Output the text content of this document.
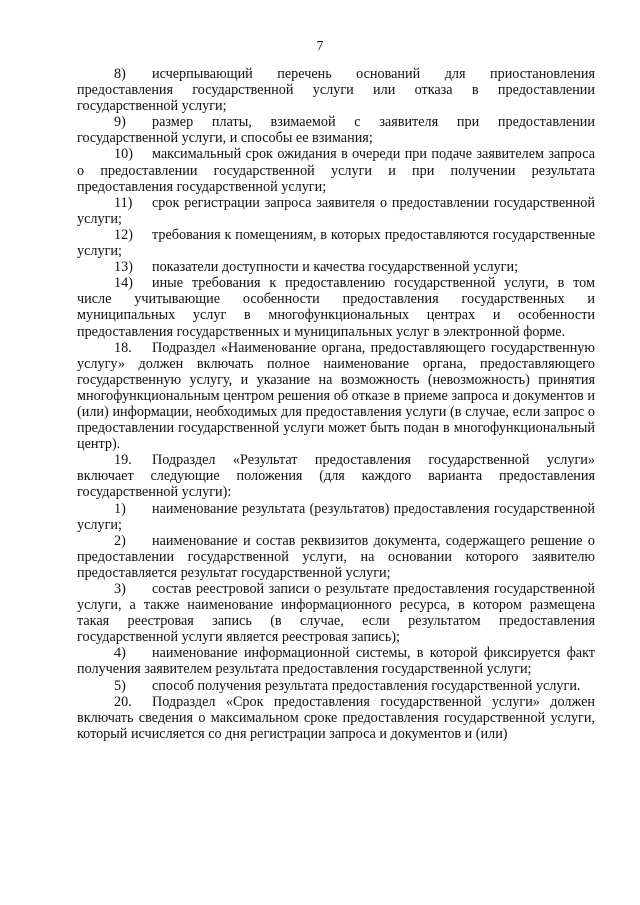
7

8) исчерпывающий перечень оснований для приостановления предоставления государственной услуги или отказа в предоставлении государственной услуги;

9) размер платы, взимаемой с заявителя при предоставлении государственной услуги, и способы ее взимания;

10) максимальный срок ожидания в очереди при подаче заявителем запроса о предоставлении государственной услуги и при получении результата предоставления государственной услуги;

11) срок регистрации запроса заявителя о предоставлении государственной услуги;

12) требования к помещениям, в которых предоставляются государственные услуги;

13) показатели доступности и качества государственной услуги;

14) иные требования к предоставлению государственной услуги, в том числе учитывающие особенности предоставления государственных и муниципальных услуг в многофункциональных центрах и особенности предоставления государственных и муниципальных услуг в электронной форме.

18. Подраздел «Наименование органа, предоставляющего государственную услугу» должен включать полное наименование органа, предоставляющего государственную услугу, и указание на возможность (невозможность) принятия многофункциональным центром решения об отказе в приеме запроса и документов и (или) информации, необходимых для предоставления услуги (в случае, если запрос о предоставлении государственной услуги может быть подан в многофункциональный центр).

19. Подраздел «Результат предоставления государственной услуги» включает следующие положения (для каждого варианта предоставления государственной услуги):

1) наименование результата (результатов) предоставления государственной услуги;

2) наименование и состав реквизитов документа, содержащего решение о предоставлении государственной услуги, на основании которого заявителю предоставляется результат государственной услуги;

3) состав реестровой записи о результате предоставления государственной услуги, а также наименование информационного ресурса, в котором размещена такая реестровая запись (в случае, если результатом предоставления государственной услуги является реестровая запись);

4) наименование информационной системы, в которой фиксируется факт получения заявителем результата предоставления государственной услуги;

5) способ получения результата предоставления государственной услуги.

20. Подраздел «Срок предоставления государственной услуги» должен включать сведения о максимальном сроке предоставления государственной услуги, который исчисляется со дня регистрации запроса и документов и (или)
